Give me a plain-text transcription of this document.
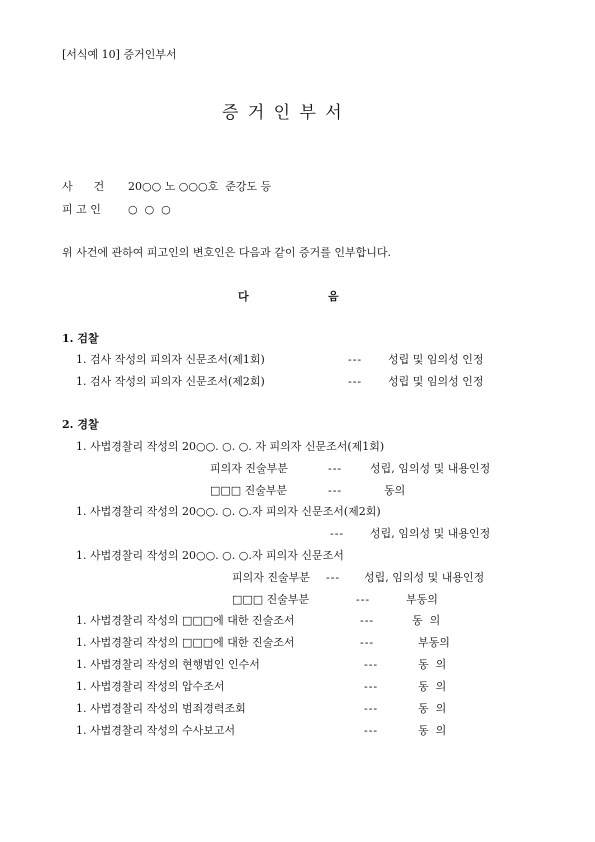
[서식예 10] 증거인부서
증 거 인 부 서
사      건 20○○ 노 ○○○호  준강도 등
피 고 인 ○  ○  ○
위 사건에 관하여 피고인의 변호인은 다음과 같이 증거를 인부합니다.
다	음
1. 검찰
1. 검사 작성의 피의자 신문조서(제1회)	--- 성립 및 임의성 인정
1. 검사 작성의 피의자 신문조서(제2회)	--- 성립 및 임의성 인정
2. 경찰
1. 사법경찰리 작성의 20○○. ○. ○. 자 피의자 신문조서(제1회)
피의자 진술부분	---	성립, 임의성 및 내용인정
□□□ 진술부분	---	동의
1. 사법경찰리 작성의 20○○. ○. ○.자 피의자 신문조서(제2회)
--- 성립, 임의성 및 내용인정
1. 사법경찰리 작성의 20○○. ○. ○.자 피의자 신문조서
피의자 진술부분 --- 성립, 임의성 및 내용인정
□□□ 진술부분	---	부동의
1. 사법경찰리 작성의 □□□에 대한 진술조서	---	동  의
1. 사법경찰리 작성의 □□□에 대한 진술조서	---	부동의
1. 사법경찰리 작성의 현행범인 인수서	---	동  의
1. 사법경찰리 작성의 압수조서	---	동  의
1. 사법경찰리 작성의 범죄경력조회	---	동  의
1. 사법경찰리 작성의 수사보고서	---	동  의
